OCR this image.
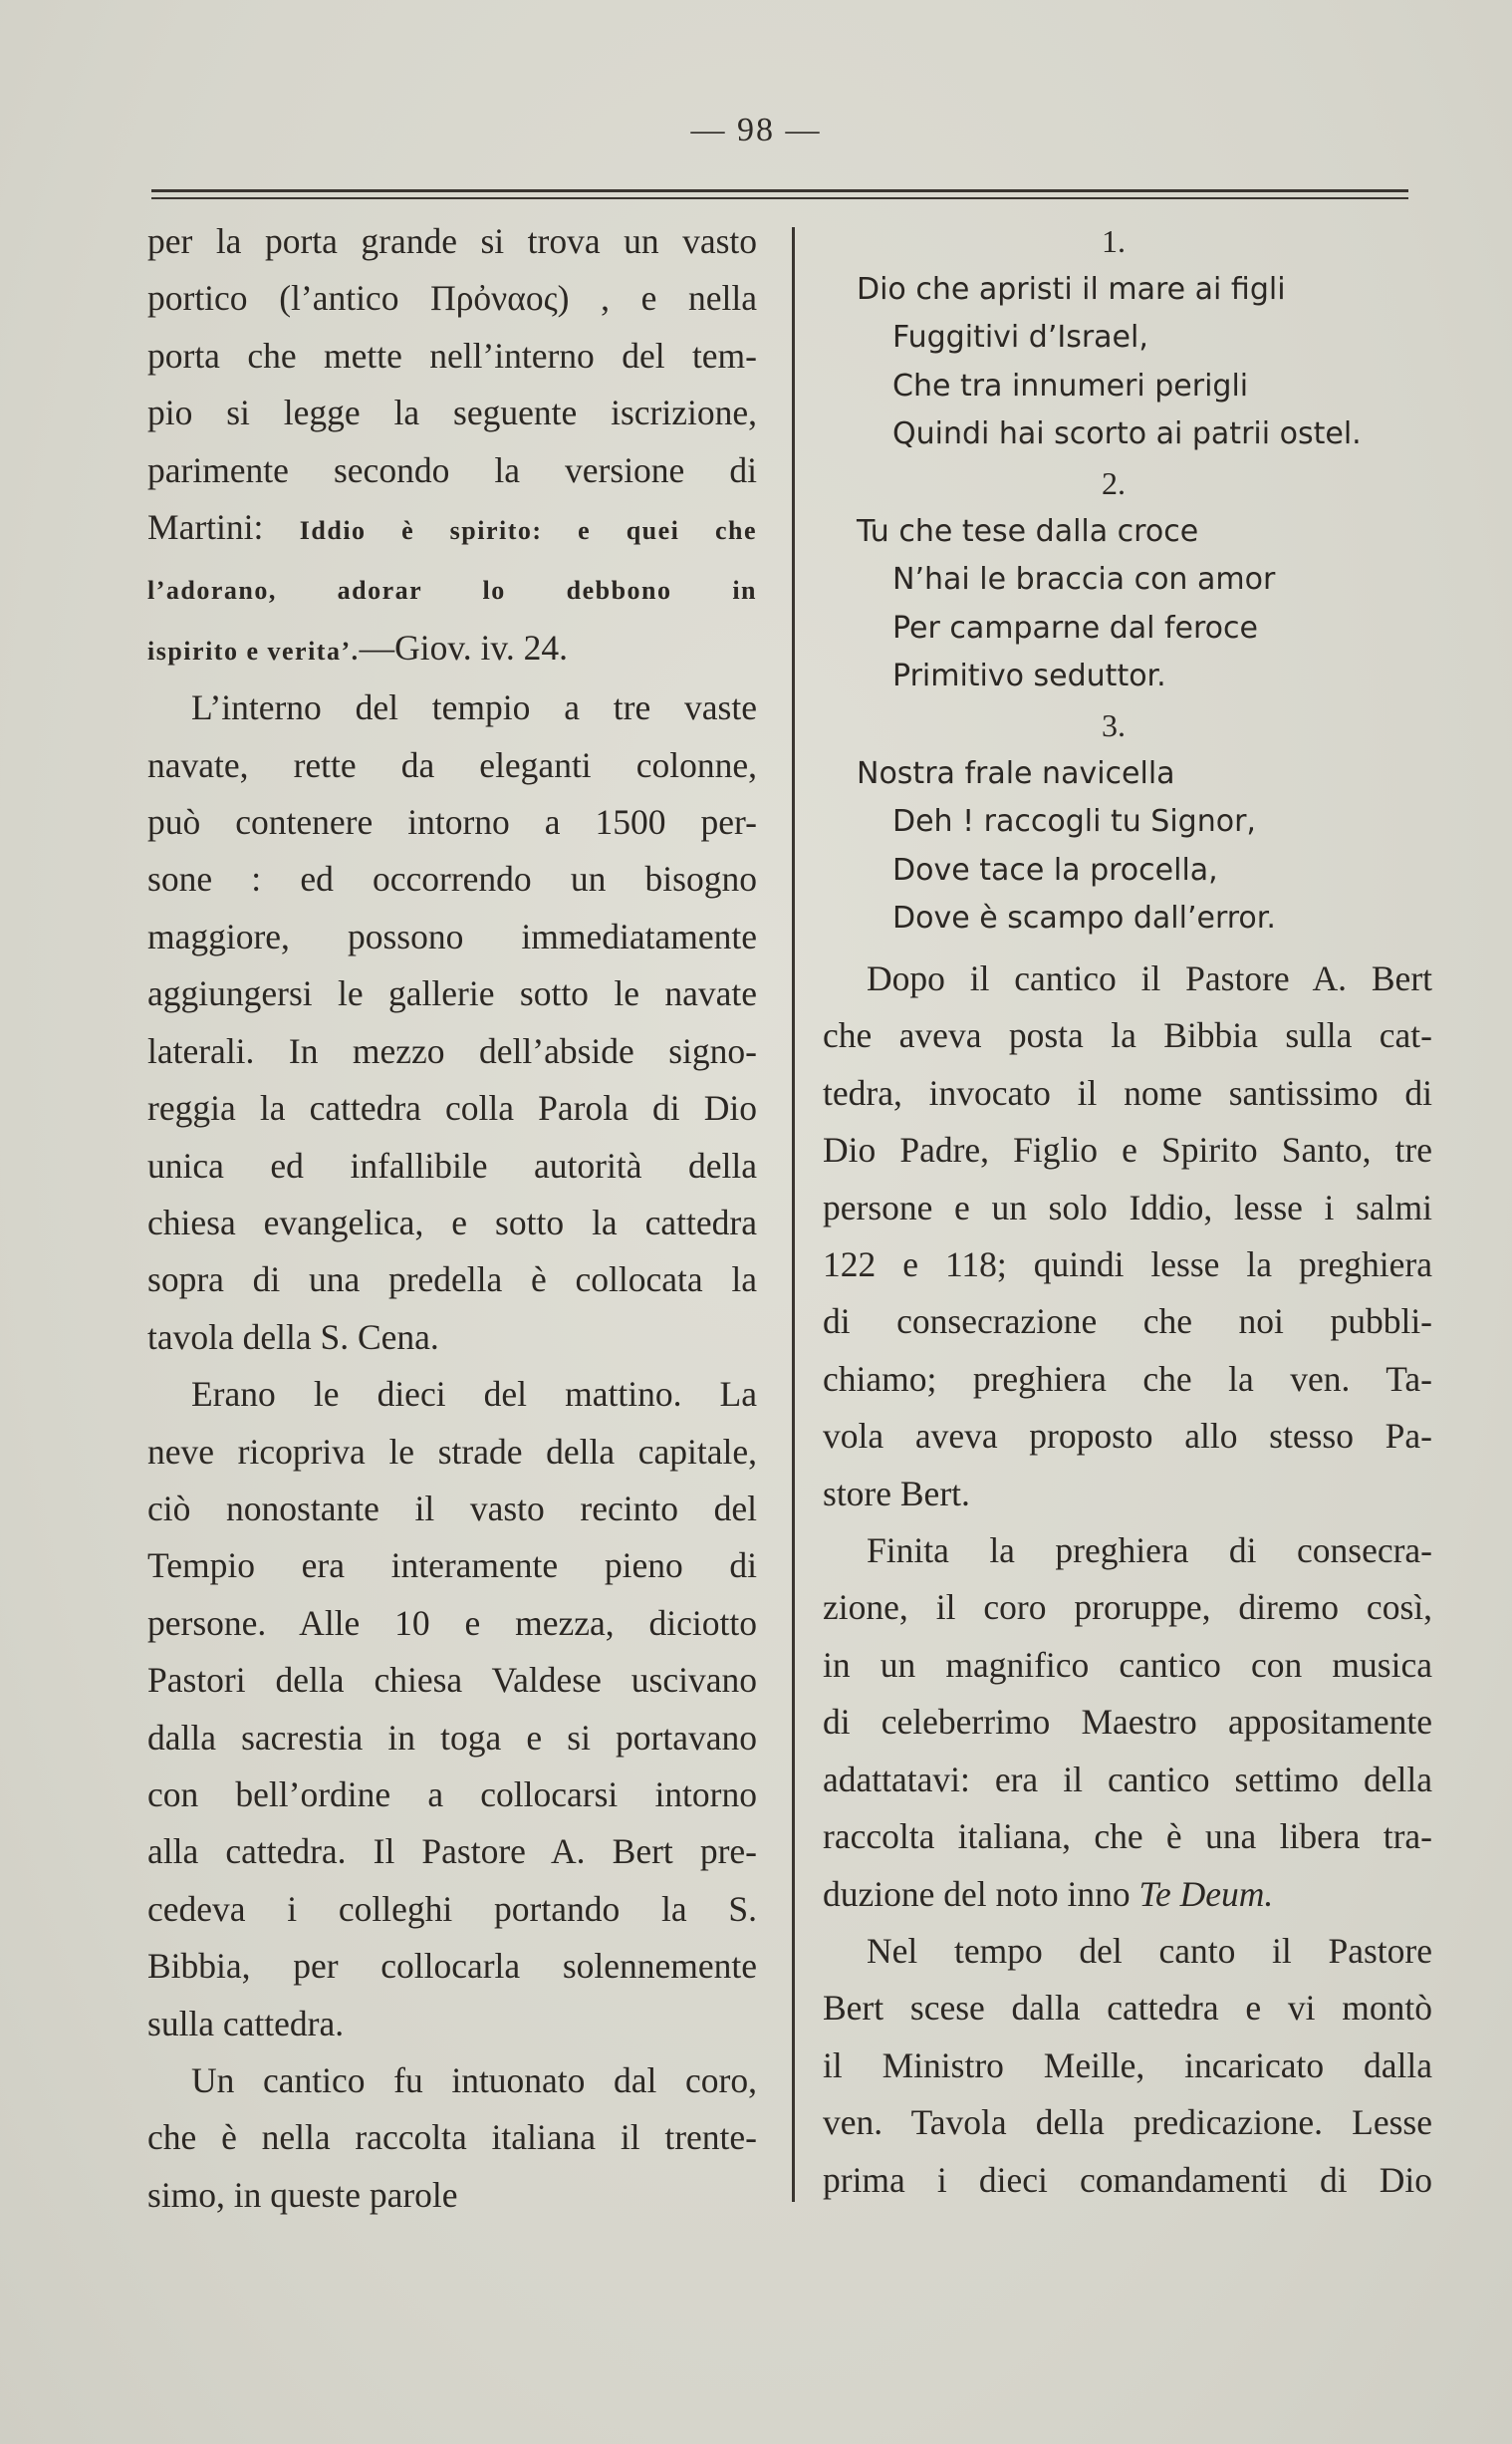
— 98 —
per la porta grande si trova un vasto
portico (l’antico Πρὀναος) , e nella
porta che mette nell’interno del tem-
pio si legge la seguente iscrizione,
parimente secondo la versione di
Martini: Iddio è spirito: e quei che
l’adorano, adorar lo debbono in
ispirito e verita’.—Giov. iv. 24.
L’interno del tempio a tre vaste
navate, rette da eleganti colonne,
può contenere intorno a 1500 per-
sone : ed occorrendo un bisogno
maggiore, possono immediatamente
aggiungersi le gallerie sotto le navate
laterali. In mezzo dell’abside signo-
reggia la cattedra colla Parola di Dio
unica ed infallibile autorità della
chiesa evangelica, e sotto la cattedra
sopra di una predella è collocata la
tavola della S. Cena.
Erano le dieci del mattino. La
neve ricopriva le strade della capitale,
ciò nonostante il vasto recinto del
Tempio era interamente pieno di
persone. Alle 10 e mezza, diciotto
Pastori della chiesa Valdese uscivano
dalla sacrestia in toga e si portavano
con bell’ordine a collocarsi intorno
alla cattedra. Il Pastore A. Bert pre-
cedeva i colleghi portando la S.
Bibbia, per collocarla solennemente
sulla cattedra.
Un cantico fu intuonato dal coro,
che è nella raccolta italiana il trente-
simo, in queste parole
1.
Dio che apristi il mare ai figli
Fuggitivi d’Israel,
Che tra innumeri perigli
Quindi hai scorto ai patrii ostel.
2.
Tu che tese dalla croce
N’hai le braccia con amor
Per camparne dal feroce
Primitivo seduttor.
3.
Nostra frale navicella
Deh ! raccogli tu Signor,
Dove tace la procella,
Dove è scampo dall’error.
Dopo il cantico il Pastore A. Bert
che aveva posta la Bibbia sulla cat-
tedra, invocato il nome santissimo di
Dio Padre, Figlio e Spirito Santo, tre
persone e un solo Iddio, lesse i salmi
122 e 118; quindi lesse la preghiera
di consecrazione che noi pubbli-
chiamo; preghiera che la ven. Ta-
vola aveva proposto allo stesso Pa-
store Bert.
Finita la preghiera di consecra-
zione, il coro proruppe, diremo così,
in un magnifico cantico con musica
di celeberrimo Maestro appositamente
adattatavi: era il cantico settimo della
raccolta italiana, che è una libera tra-
duzione del noto inno Te Deum.
Nel tempo del canto il Pastore
Bert scese dalla cattedra e vi montò
il Ministro Meille, incaricato dalla
ven. Tavola della predicazione. Lesse
prima i dieci comandamenti di Dio
